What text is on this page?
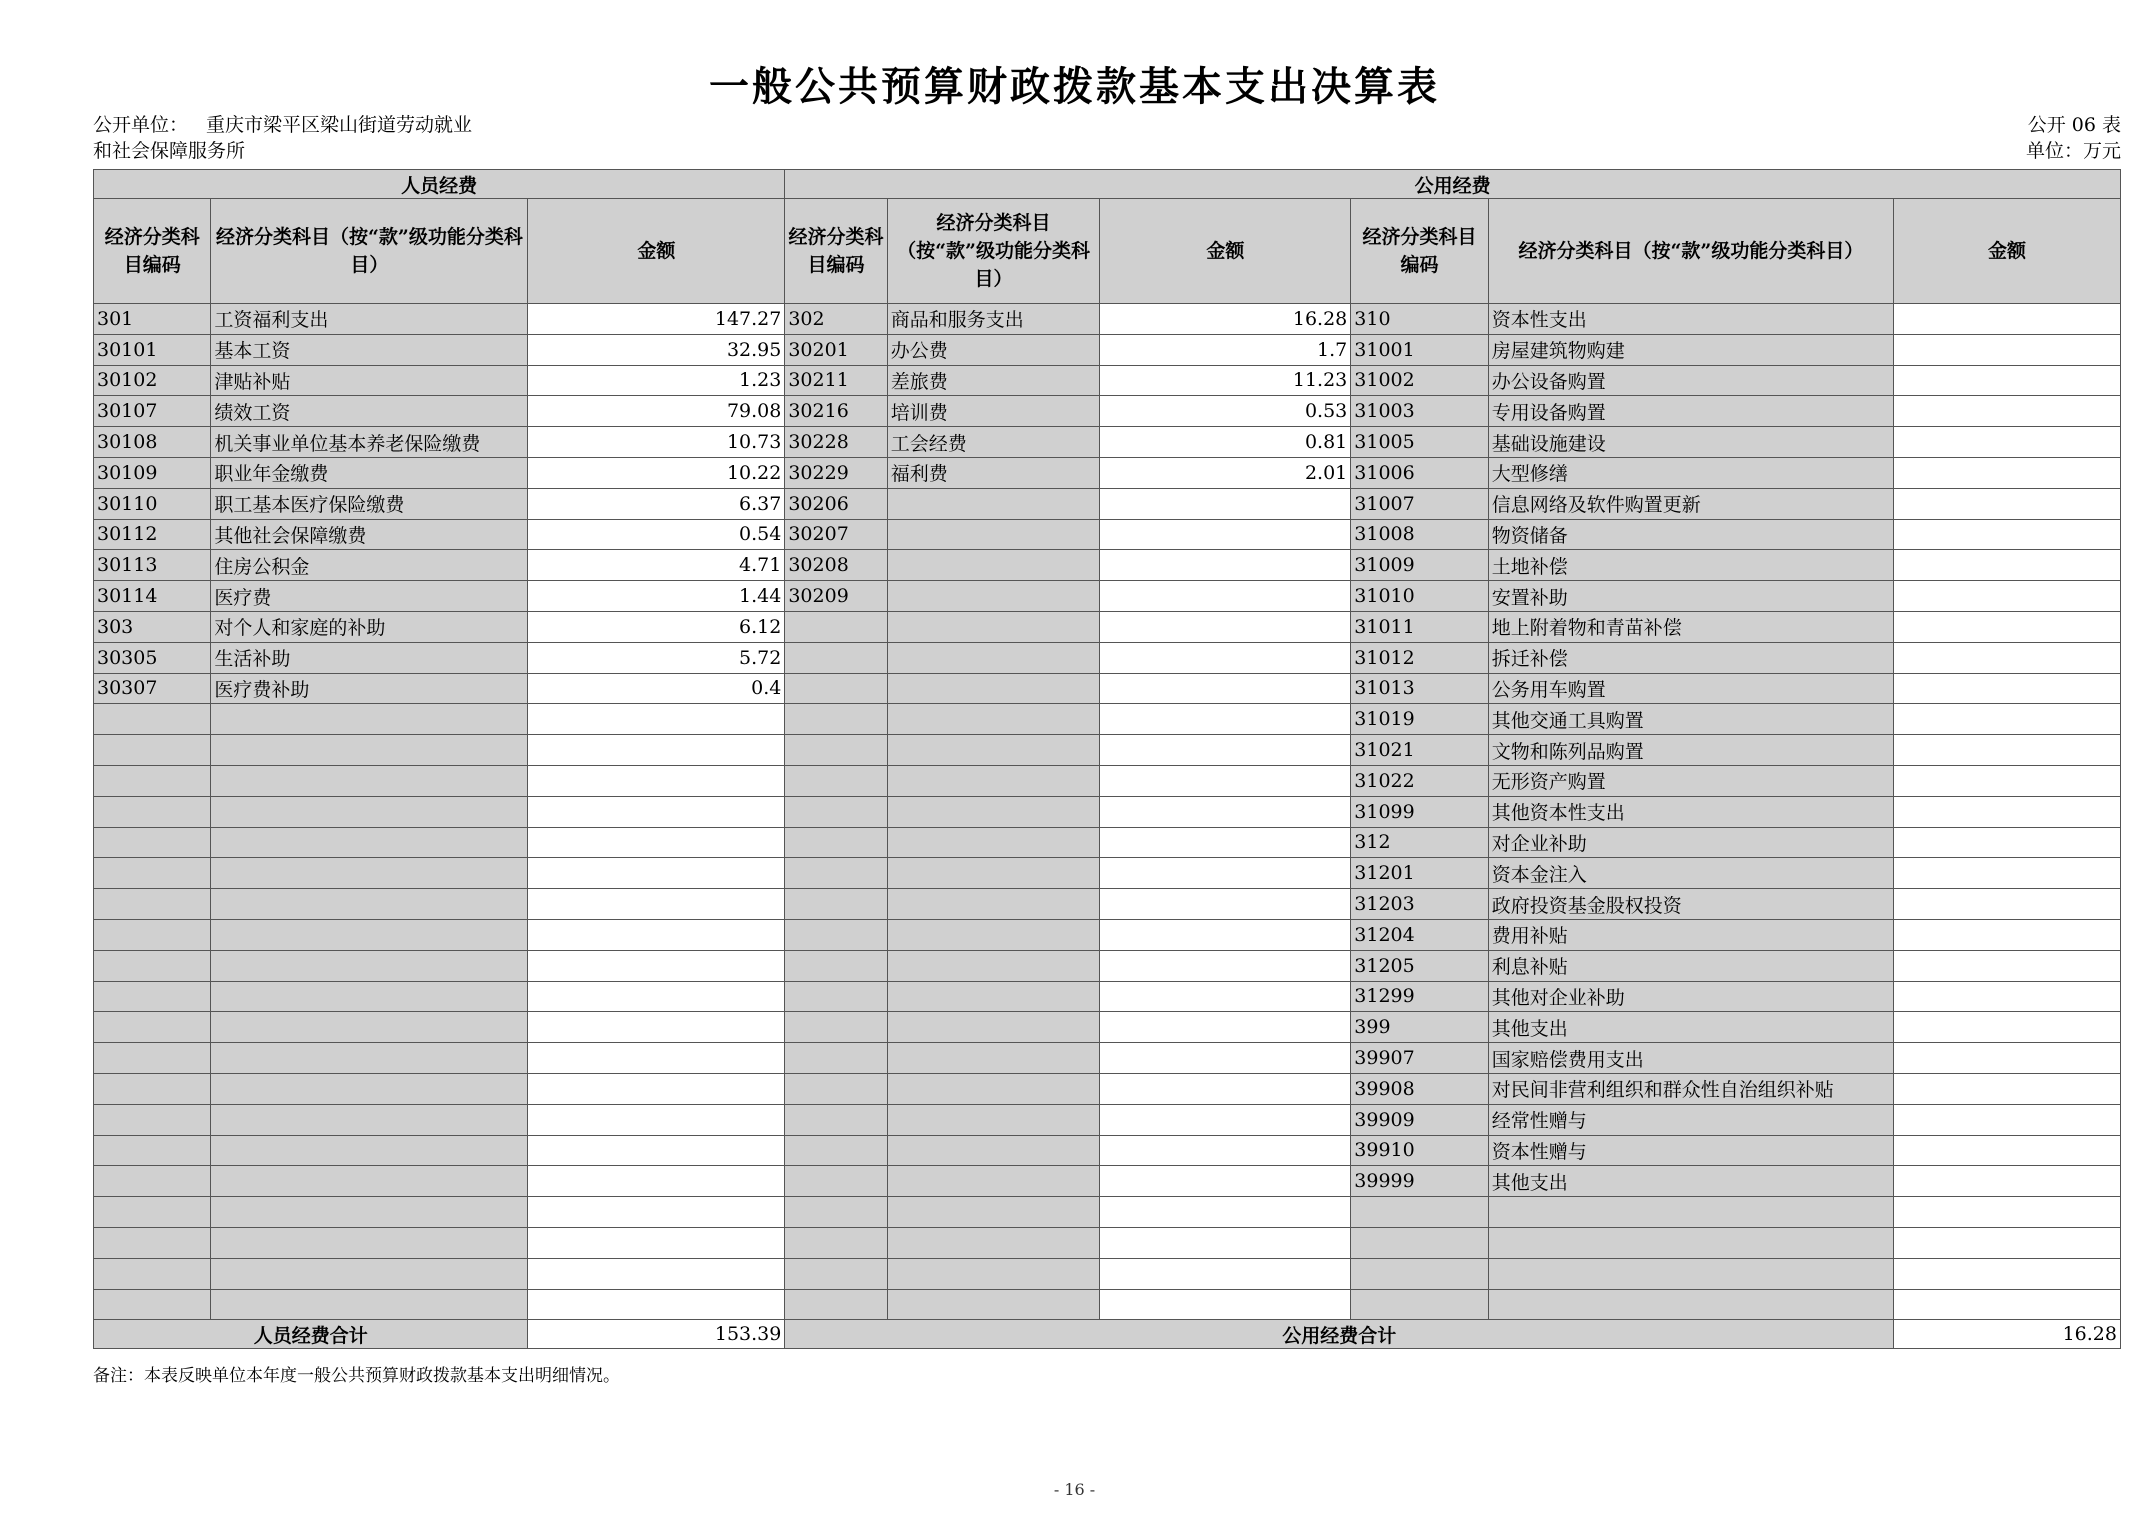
一般公共预算财政拨款基本支出决算表
公开单位： 重庆市梁平区梁山街道劳动就业
和社会保障服务所
公开 06 表
单位：万元
人员经费			公用经费					
经济分类科目编码	经济分类科目（按“款”级功能分类科目）	金额	经济分类科目编码	经济分类科目（按“款”级功能分类科目）	金额	经济分类科目编码	经济分类科目（按“款”级功能分类科目）	金额
301	工资福利支出	147.27	302	商品和服务支出	16.28	310	资本性支出	
30101	基本工资	32.95	30201	办公费	1.7	31001	房屋建筑物购建	
30102	津贴补贴	1.23	30211	差旅费	11.23	31002	办公设备购置	
30107	绩效工资	79.08	30216	培训费	0.53	31003	专用设备购置	
30108	机关事业单位基本养老保险缴费	10.73	30228	工会经费	0.81	31005	基础设施建设	
30109	职业年金缴费	10.22	30229	福利费	2.01	31006	大型修缮	
30110	职工基本医疗保险缴费	6.37	30206			31007	信息网络及软件购置更新	
30112	其他社会保障缴费	0.54	30207			31008	物资储备	
30113	住房公积金	4.71	30208			31009	土地补偿	
30114	医疗费	1.44	30209			31010	安置补助	
303	对个人和家庭的补助	6.12				31011	地上附着物和青苗补偿	
30305	生活补助	5.72				31012	拆迁补偿	
30307	医疗费补助	0.4				31013	公务用车购置	
						31019	其他交通工具购置	
						31021	文物和陈列品购置	
						31022	无形资产购置	
						31099	其他资本性支出	
						312	对企业补助	
						31201	资本金注入	
						31203	政府投资基金股权投资	
						31204	费用补贴	
						31205	利息补贴	
						31299	其他对企业补助	
						399	其他支出	
						39907	国家赔偿费用支出	
						39908	对民间非营利组织和群众性自治组织补贴	
						39909	经常性赠与	
						39910	资本性赠与	
						39999	其他支出	

人员经费合计		153.39	公用经费合计					16.28
备注：本表反映单位本年度一般公共预算财政拨款基本支出明细情况。
- 16 -
